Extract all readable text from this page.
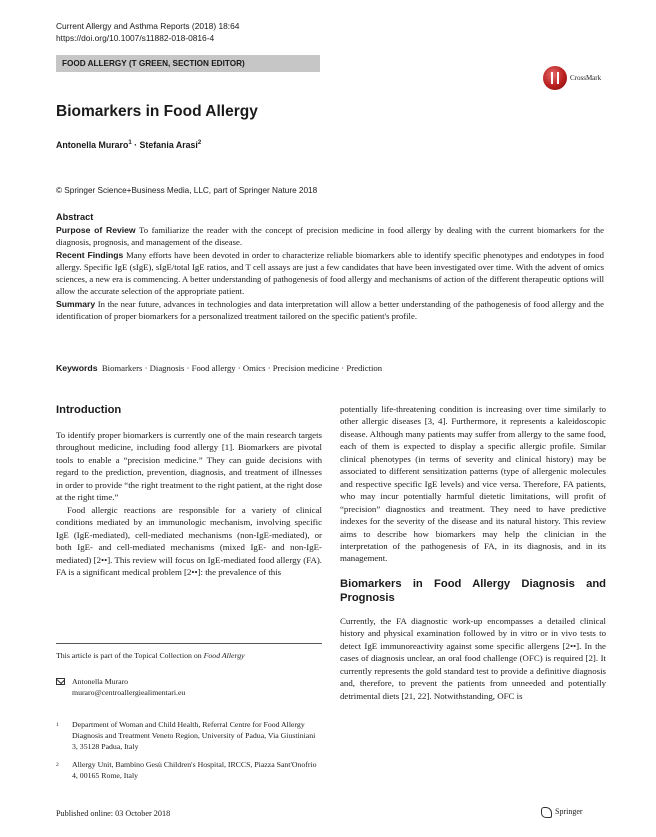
Current Allergy and Asthma Reports (2018) 18:64
https://doi.org/10.1007/s11882-018-0816-4
FOOD ALLERGY (T GREEN, SECTION EDITOR)
CrossMark
Biomarkers in Food Allergy
Antonella Muraro$^1$ · Stefania Arasi$^2$
© Springer Science+Business Media, LLC, part of Springer Nature 2018
Abstract

Purpose of Review To familiarize the reader with the concept of precision medicine in food allergy by dealing with the current biomarkers for the diagnosis, prognosis, and management of the disease.

Recent Findings Many efforts have been devoted in order to characterize reliable biomarkers able to identify specific phenotypes and endotypes in food allergy. Specific IgE (sIgE), sIgE/total IgE ratios, and T cell assays are just a few candidates that have been investigated over time. With the advent of omics sciences, a new era is commencing. A better understanding of pathogenesis of food allergy and mechanisms of action of the different therapeutic options will allow the accurate selection of the appropriate patient.

Summary In the near future, advances in technologies and data interpretation will allow a better understanding of the pathogenesis of food allergy and the identification of proper biomarkers for a personalized treatment tailored on the specific patient's profile.

Keywords Biomarkers · Diagnosis · Food allergy · Omics · Precision medicine · Prediction
Introduction

To identify proper biomarkers is currently one of the main research targets throughout medicine, including food allergy [1]. Biomarkers are pivotal tools to enable a “precision medicine.” They can guide decisions with regard to the prediction, prevention, diagnosis, and treatment of illnesses in order to provide “the right treatment to the right patient, at the right dose at the right time.”

Food allergic reactions are responsible for a variety of clinical conditions mediated by an immunologic mechanism, involving specific IgE (IgE-mediated), cell-mediated mechanisms (non-IgE-mediated), or both IgE- and cell-mediated mechanisms (mixed IgE- and non-IgE-mediated) [2••]. This review will focus on IgE-mediated food allergy (FA). FA is a significant medical problem [2••]: the prevalence of this

This article is part of the Topical Collection on Food Allergy
Antonella Muraro
muraro@centroallergiealimentari.eu
1 Department of Woman and Child Health, Referral Centre for Food Allergy Diagnosis and Treatment Veneto Region, University of Padua, Via Giustiniani 3, 35128 Padua, Italy
2 Allergy Unit, Bambino Gesù Children's Hospital, IRCCS, Piazza Sant'Onofrio 4, 00165 Rome, Italy

potentially life-threatening condition is increasing over time similarly to other allergic diseases [3, 4]. Furthermore, it represents a kaleidoscopic disease. Although many patients may suffer from allergy to the same food, each of them is expected to display a specific allergic profile. Similar clinical phenotypes (in terms of severity and clinical history) may be associated to different sensitization patterns (type of allergenic molecules and respective specific IgE levels) and vice versa. Therefore, FA patients, who may incur potentially harmful dietetic limitations, will profit of “precision” diagnostics and treatment. They need to have predictive indexes for the severity of the disease and its natural history. This review aims to describe how biomarkers may help the clinician in the interpretation of the pathogenesis of FA, in its diagnosis, and in its management.

Biomarkers in Food Allergy Diagnosis and Prognosis

Currently, the FA diagnostic work-up encompasses a detailed clinical history and physical examination followed by in vitro or in vivo tests to detect IgE immunoreactivity against some specific allergens [2••]. In the cases of diagnosis unclear, an oral food challenge (OFC) is required [2]. It currently represents the gold standard test to provide a definitive diagnosis and, therefore, to prevent the patients from unneeded and potentially detrimental diets [21, 22]. Notwithstanding, OFC is

Published online: 03 October 2018	Springer
